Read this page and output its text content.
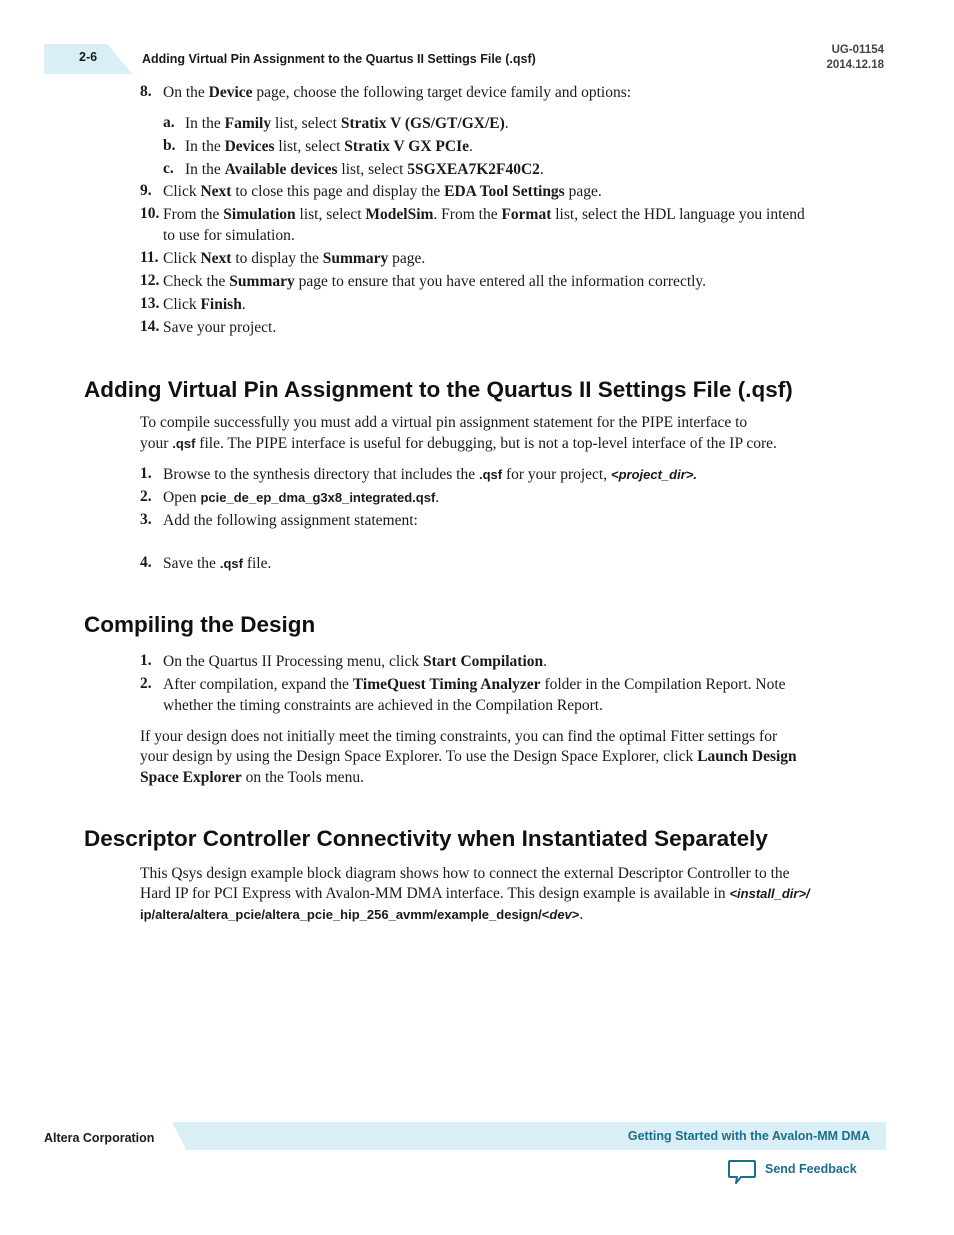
2-6	Adding Virtual Pin Assignment to the Quartus II Settings File (.qsf)
UG-01154
2014.12.18
8. On the Device page, choose the following target device family and options:
a. In the Family list, select Stratix V (GS/GT/GX/E).
b. In the Devices list, select Stratix V GX PCIe.
c. In the Available devices list, select 5SGXEA7K2F40C2.
9. Click Next to close this page and display the EDA Tool Settings page.
10. From the Simulation list, select ModelSim. From the Format list, select the HDL language you intend
to use for simulation.
11. Click Next to display the Summary page.
12. Check the Summary page to ensure that you have entered all the information correctly.
13. Click Finish.
14. Save your project.
Adding Virtual Pin Assignment to the Quartus II Settings File (.qsf)
To compile successfully you must add a virtual pin assignment statement for the PIPE interface to
your .qsf file. The PIPE interface is useful for debugging, but is not a top-level interface of the IP core.
1. Browse to the synthesis directory that includes the .qsf for your project, <project_dir>.
2. Open pcie_de_ep_dma_g3x8_integrated.qsf.
3. Add the following assignment statement:
4. Save the .qsf file.
Compiling the Design
1. On the Quartus II Processing menu, click Start Compilation.
2. After compilation, expand the TimeQuest Timing Analyzer folder in the Compilation Report. Note
whether the timing constraints are achieved in the Compilation Report.
If your design does not initially meet the timing constraints, you can find the optimal Fitter settings for
your design by using the Design Space Explorer. To use the Design Space Explorer, click Launch Design
Space Explorer on the Tools menu.
Descriptor Controller Connectivity when Instantiated Separately
This Qsys design example block diagram shows how to connect the external Descriptor Controller to the
Hard IP for PCI Express with Avalon-MM DMA interface. This design example is available in <install_dir>/
ip/altera/altera_pcie/altera_pcie_hip_256_avmm/example_design/<dev>.
Altera Corporation	Getting Started with the Avalon-MM DMA
Send Feedback
